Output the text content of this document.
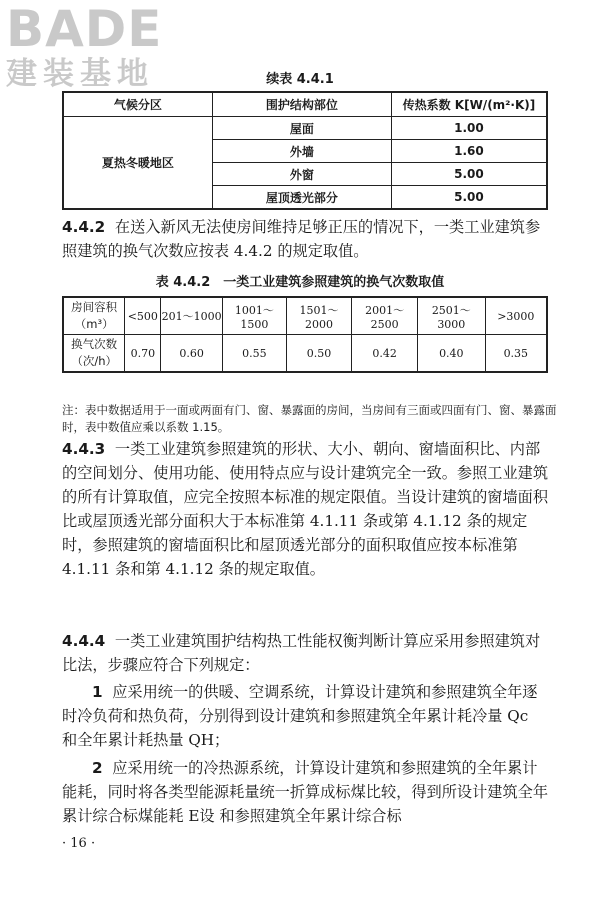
BADE
建装基地	续表 4.4.1
气候分区	围护结构部位	传热系数 K[W/(m²·K)]
夏热冬暖地区	屋面	1.00
	外墙	1.60
	外窗	5.00
	屋顶透光部分	5.00

4.4.2 在送入新风无法使房间维持足够正压的情况下，一类工业建筑参照建筑的换气次数应按表 4.4.2 的规定取值。

表 4.4.2　一类工业建筑参照建筑的换气次数取值
房间容积
（m³）	<500	201～1000	1001～1500	1501～2000	2001～2500	2501～3000	>3000

换气次数
（次/h）	0.70	0.60	0.55	0.50	0.42	0.40	0.35

注：表中数据适用于一面或两面有门、窗、暴露面的房间，当房间有三面或四面有门、窗、暴露面时，表中数值应乘以系数 1.15。

4.4.3 一类工业建筑参照建筑的形状、大小、朝向、窗墙面积比、内部的空间划分、使用功能、使用特点应与设计建筑完全一致。参照工业建筑的所有计算取值，应完全按照本标准的规定限值。当设计建筑的窗墙面积比或屋顶透光部分面积大于本标准第 4.1.11 条或第 4.1.12 条的规定时，参照建筑的窗墙面积比和屋顶透光部分的面积取值应按本标准第 4.1.11 条和第 4.1.12 条的规定取值。

4.4.4 一类工业建筑围护结构热工性能权衡判断计算应采用参照建筑对比法，步骤应符合下列规定：

1 应采用统一的供暖、空调系统，计算设计建筑和参照建筑全年逐时冷负荷和热负荷，分别得到设计建筑和参照建筑全年累计耗冷量 Qc 和全年累计耗热量 QH；

2 应采用统一的冷热源系统，计算设计建筑和参照建筑的全年累计能耗，同时将各类型能源耗量统一折算成标煤比较，得到所设计建筑全年累计综合标煤能耗 E设 和参照建筑全年累计综合标

· 16 ·
